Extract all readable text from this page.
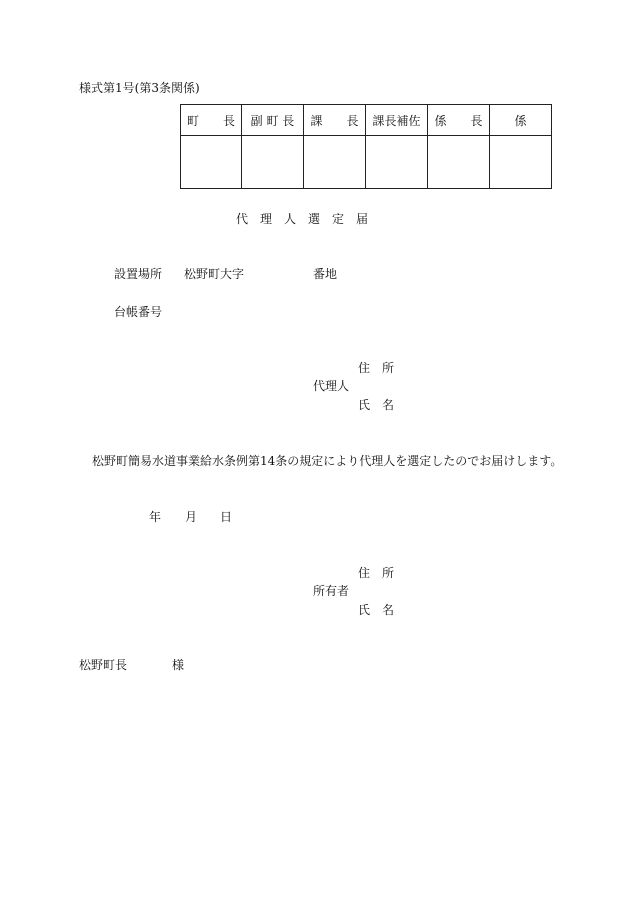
様式第1号(第3条関係)
町　　長	副 町 長	課　　長	課長補佐	係　　長	係

代　理　人　選　定　届
設置場所 松野町大字	番地
台帳番号
住　所
代理人
氏　名
松野町簡易水道事業給水条例第14条の規定により代理人を選定したのでお届けします。
年 月 日
住　所
所有者
氏　名
松野町長	様
